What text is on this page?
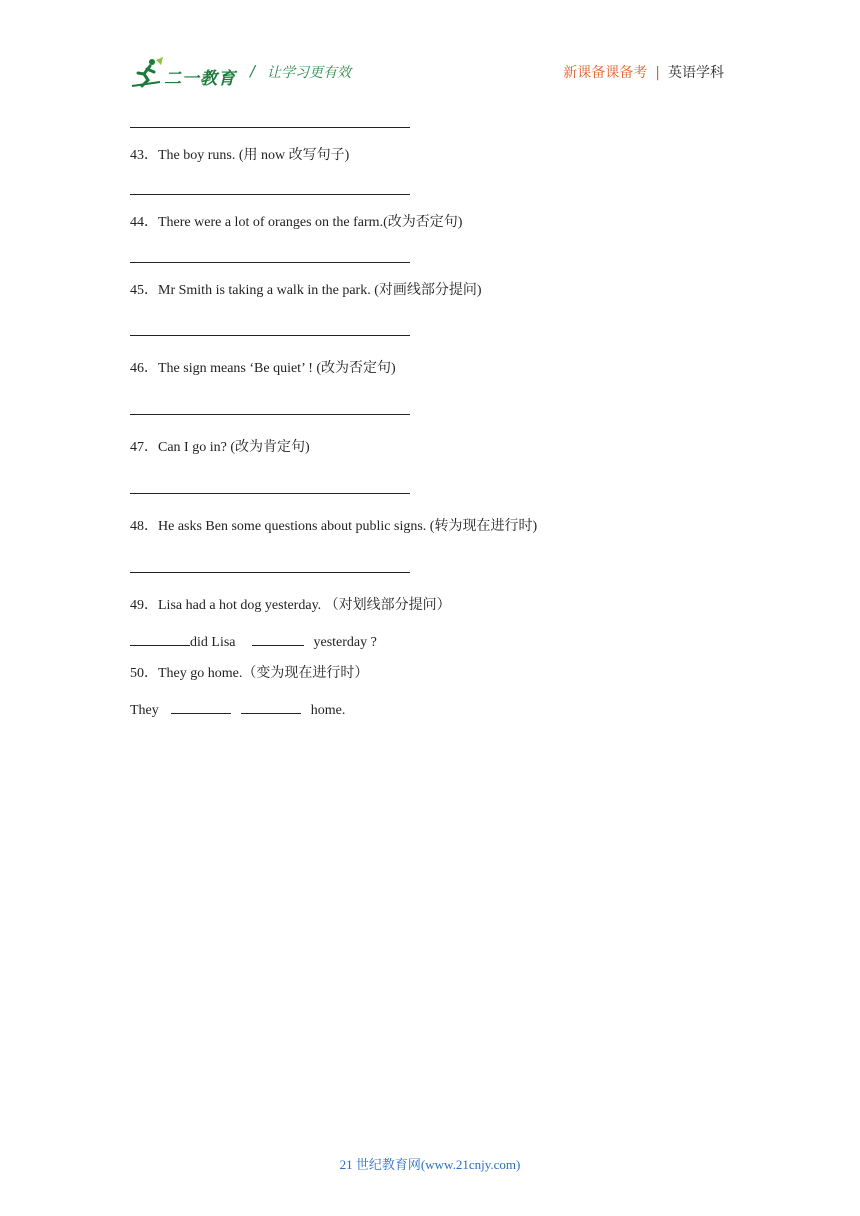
二一教育 / 让学习更有效	新课备课备考 | 英语学科
43．The boy runs. (用 now 改写句子)
44．There were a lot of oranges on the farm.(改为否定句)
45．Mr Smith is taking a walk in the park. (对画线部分提问)
46．The sign means ‘Be quiet’ ! (改为否定句)
47．Can I go in? (改为肯定句)
48．He asks Ben some questions about public signs. (转为现在进行时)
49．Lisa had a hot dog yesterday. （对划线部分提问）
did Lisa	yesterday ?
50．They go home.（变为现在进行时）
They	home.
21 世纪教育网(www.21cnjy.com)
